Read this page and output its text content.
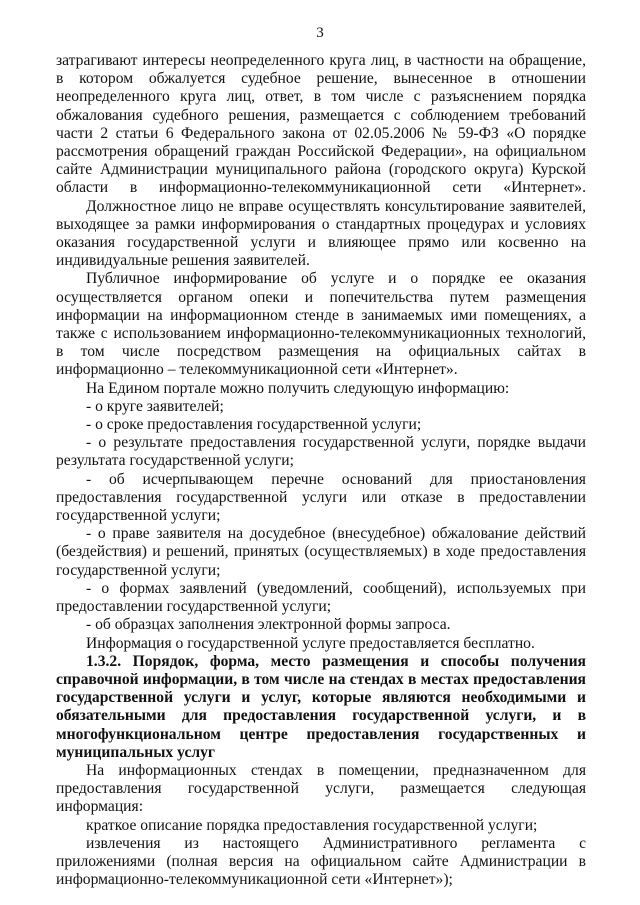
3

затрагивают интересы неопределенного круга лиц, в частности на обращение, в котором обжалуется судебное решение, вынесенное в отношении неопределенного круга лиц, ответ, в том числе с разъяснением порядка обжалования судебного решения, размещается с соблюдением требований части 2 статьи 6 Федерального закона от 02.05.2006 № 59-ФЗ «О порядке рассмотрения обращений граждан Российской Федерации», на официальном сайте Администрации муниципального района (городского округа) Курской области в информационно-телекоммуникационной сети «Интернет».

Должностное лицо не вправе осуществлять консультирование заявителей, выходящее за рамки информирования о стандартных процедурах и условиях оказания государственной услуги и влияющее прямо или косвенно на индивидуальные решения заявителей.

Публичное информирование об услуге и о порядке ее оказания осуществляется органом опеки и попечительства путем размещения информации на информационном стенде в занимаемых ими помещениях, а также с использованием информационно-телекоммуникационных технологий, в том числе посредством размещения на официальных сайтах в информационно – телекоммуникационной сети «Интернет».

На Едином портале можно получить следующую информацию:

- о круге заявителей;

- о сроке предоставления государственной услуги;

- о результате предоставления государственной услуги, порядке выдачи результата государственной услуги;

- об исчерпывающем перечне оснований для приостановления предоставления государственной услуги или отказе в предоставлении государственной услуги;

- о праве заявителя на досудебное (внесудебное) обжалование действий (бездействия) и решений, принятых (осуществляемых) в ходе предоставления государственной услуги;

- о формах заявлений (уведомлений, сообщений), используемых при предоставлении государственной услуги;

- об образцах заполнения электронной формы запроса.

Информация о государственной услуге предоставляется бесплатно.

1.3.2. Порядок, форма, место размещения и способы получения справочной информации, в том числе на стендах в местах предоставления государственной услуги и услуг, которые являются необходимыми и обязательными для предоставления государственной услуги, и в многофункциональном центре предоставления государственных и муниципальных услуг

На информационных стендах в помещении, предназначенном для предоставления государственной услуги, размещается следующая информация:

краткое описание порядка предоставления государственной услуги;

извлечения из настоящего Административного регламента с приложениями (полная версия на официальном сайте Администрации в информационно-телекоммуникационной сети «Интернет»);
